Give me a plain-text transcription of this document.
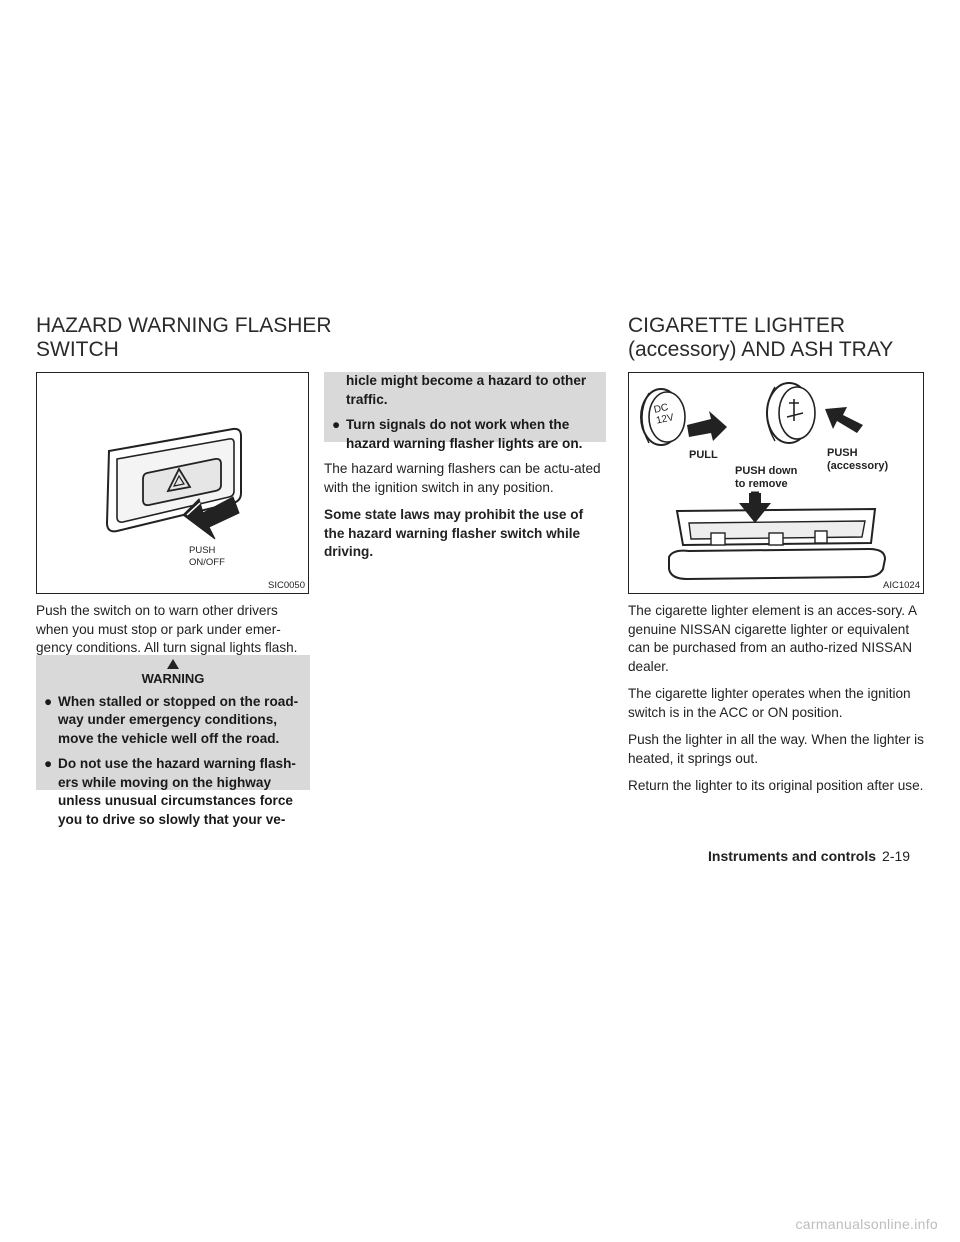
HAZARD WARNING FLASHER
SWITCH
CIGARETTE LIGHTER
(accessory) AND ASH TRAY
PUSH
ON/OFF
SIC0050
DC
12V
PULL
PUSH down
to remove
PUSH
(accessory)
AIC1024

Push the switch on to warn other drivers when you must stop or park under emer-gency conditions. All turn signal lights flash.

WARNING
● When stalled or stopped on the road-way under emergency conditions, move the vehicle well off the road.
● Do not use the hazard warning flash-ers while moving on the highway unless unusual circumstances force you to drive so slowly that your ve-
hicle might become a hazard to other traffic.
● Turn signals do not work when the hazard warning flasher lights are on.

The hazard warning flashers can be actu-ated with the ignition switch in any position.

Some state laws may prohibit the use of the hazard warning flasher switch while driving.

The cigarette lighter element is an acces-sory. A genuine NISSAN cigarette lighter or equivalent can be purchased from an autho-rized NISSAN dealer.

The cigarette lighter operates when the ignition switch is in the ACC or ON position.

Push the lighter in all the way. When the lighter is heated, it springs out.

Return the lighter to its original position after use.

Instruments and controls 2-19
carmanualsonline.info
